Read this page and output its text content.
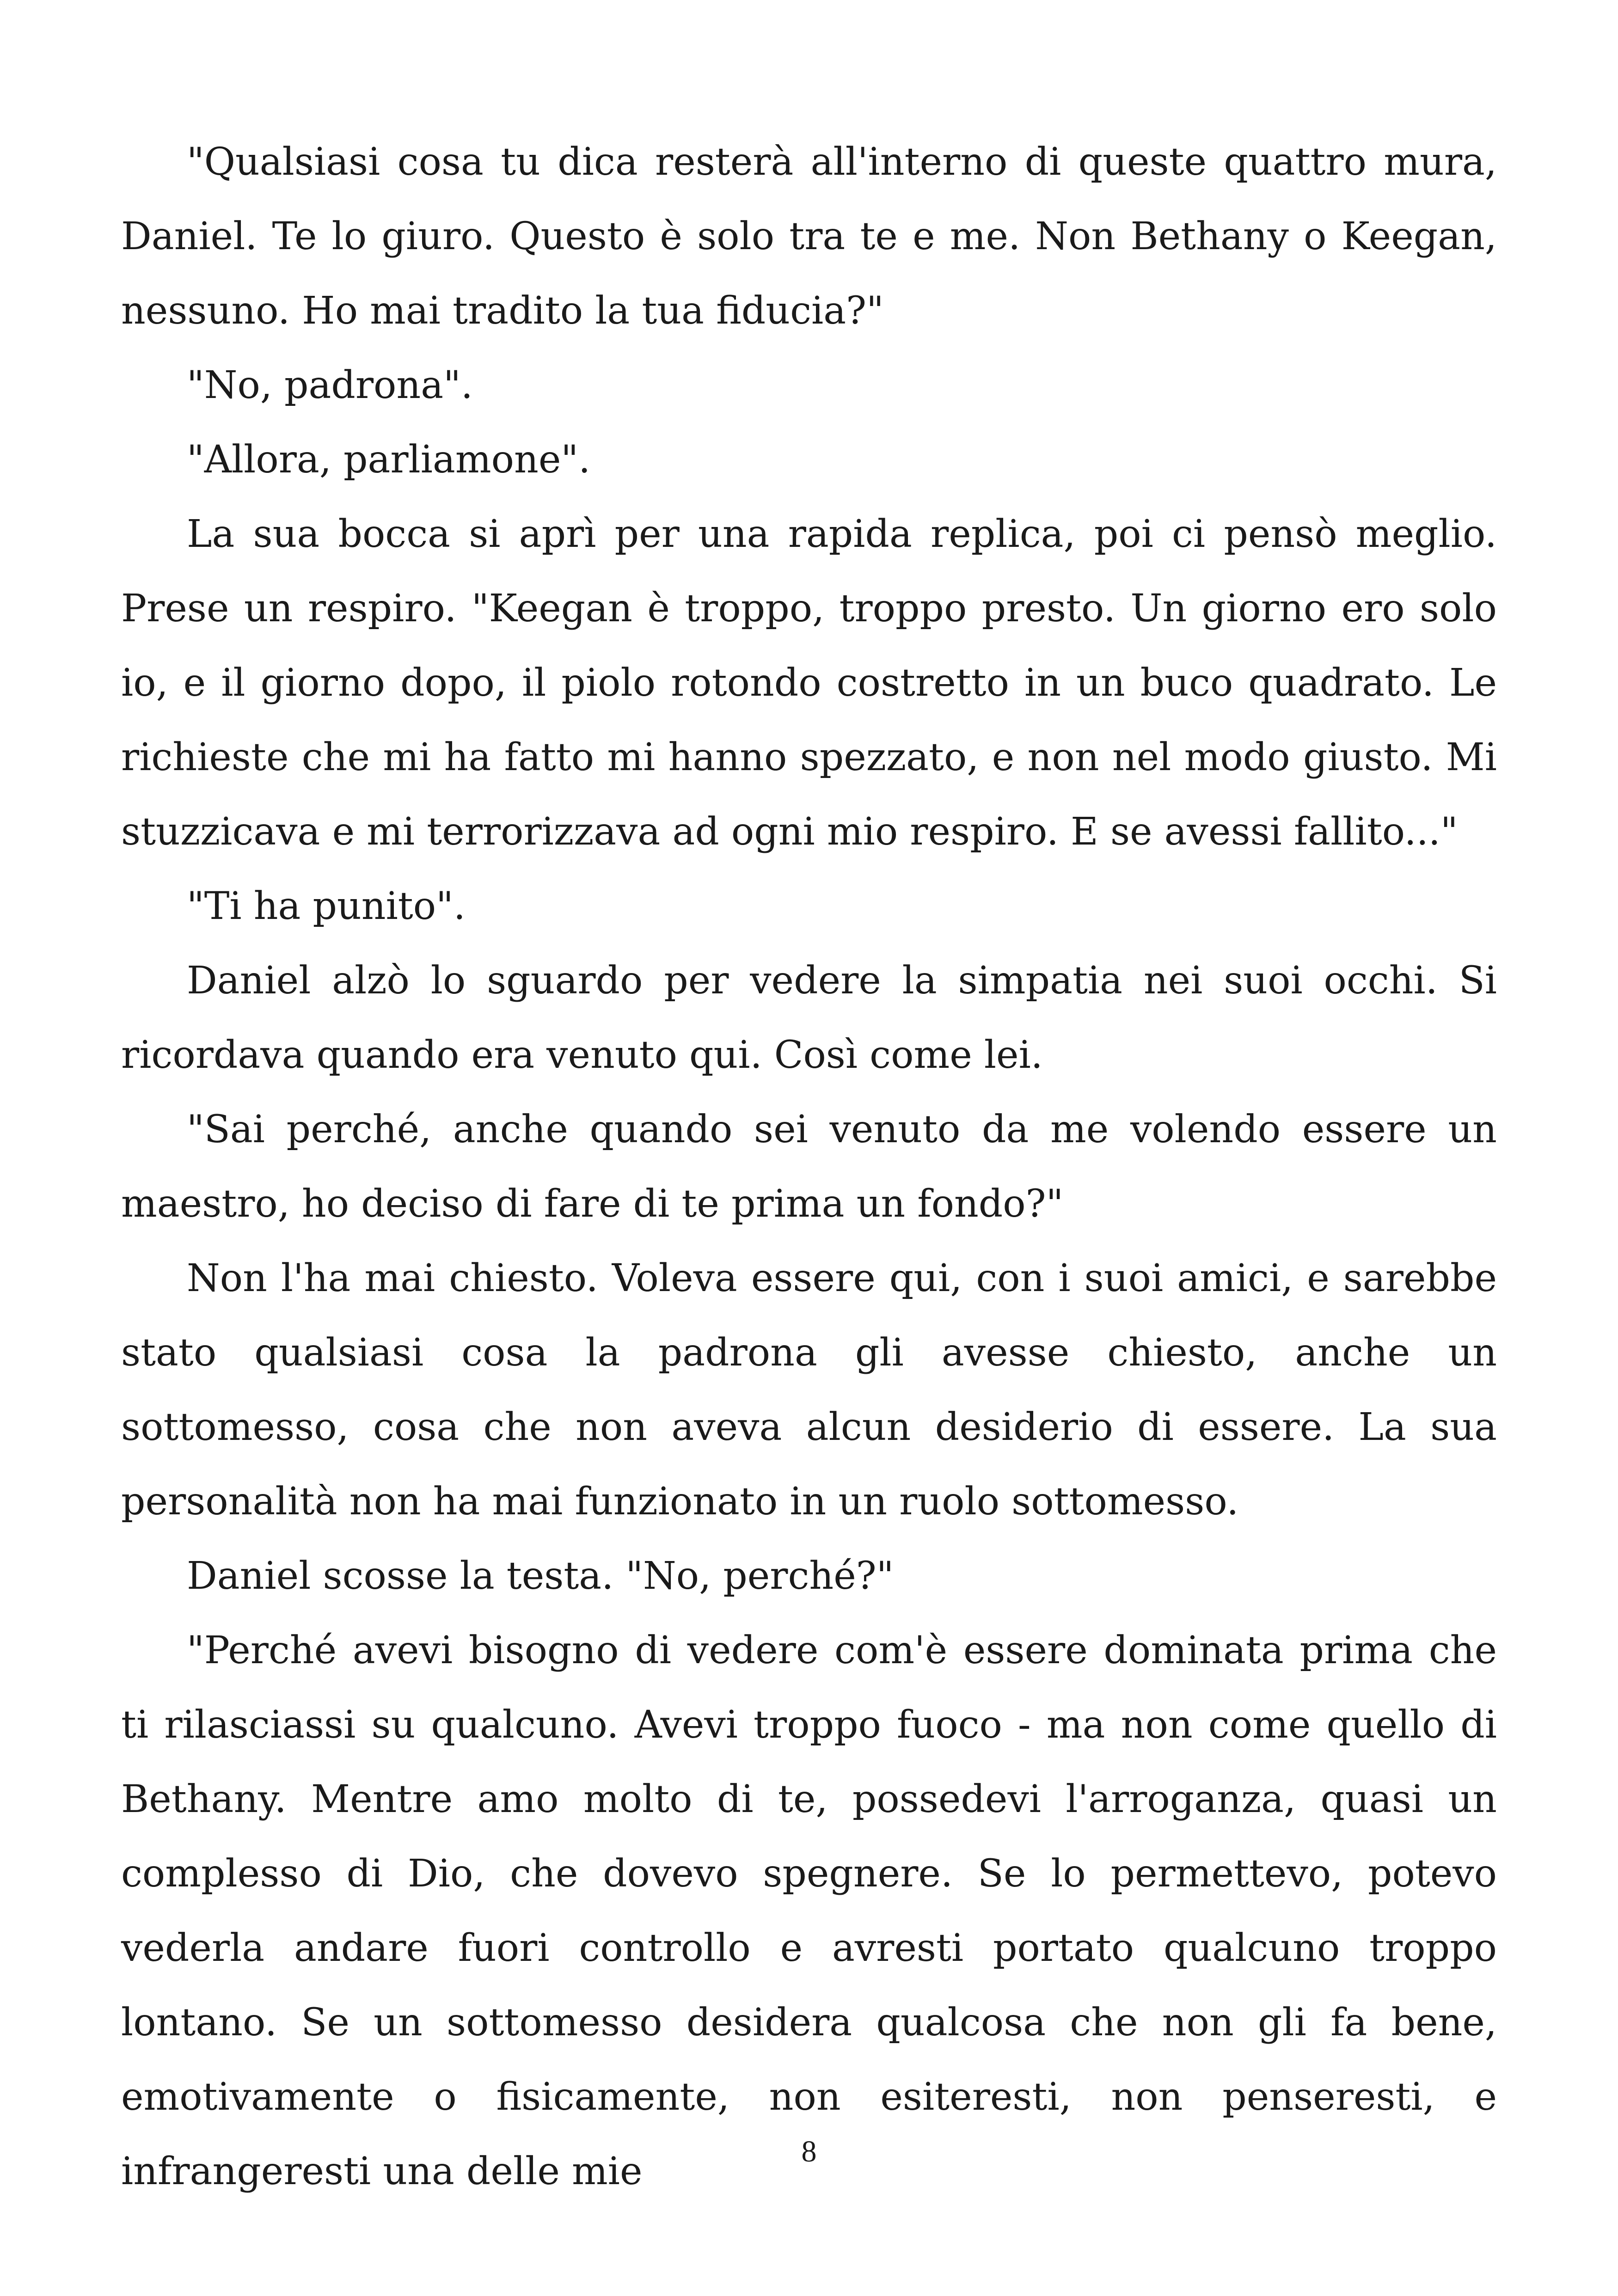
"Qualsiasi cosa tu dica resterà all'interno di queste quattro mura, Daniel. Te lo giuro. Questo è solo tra te e me. Non Bethany o Keegan, nessuno. Ho mai tradito la tua fiducia?"

"No, padrona".

"Allora, parliamone".

La sua bocca si aprì per una rapida replica, poi ci pensò meglio. Prese un respiro. "Keegan è troppo, troppo presto. Un giorno ero solo io, e il giorno dopo, il piolo rotondo costretto in un buco quadrato. Le richieste che mi ha fatto mi hanno spezzato, e non nel modo giusto. Mi stuzzicava e mi terrorizzava ad ogni mio respiro. E se avessi fallito..."

"Ti ha punito".

Daniel alzò lo sguardo per vedere la simpatia nei suoi occhi. Si ricordava quando era venuto qui. Così come lei.

"Sai perché, anche quando sei venuto da me volendo essere un maestro, ho deciso di fare di te prima un fondo?"

Non l'ha mai chiesto. Voleva essere qui, con i suoi amici, e sarebbe stato qualsiasi cosa la padrona gli avesse chiesto, anche un sottomesso, cosa che non aveva alcun desiderio di essere. La sua personalità non ha mai funzionato in un ruolo sottomesso.

Daniel scosse la testa. "No, perché?"

"Perché avevi bisogno di vedere com'è essere dominata prima che ti rilasciassi su qualcuno. Avevi troppo fuoco - ma non come quello di Bethany. Mentre amo molto di te, possedevi l'arroganza, quasi un complesso di Dio, che dovevo spegnere. Se lo permettevo, potevo vederla andare fuori controllo e avresti portato qualcuno troppo lontano. Se un sottomesso desidera qualcosa che non gli fa bene, emotivamente o fisicamente, non esiteresti, non penseresti, e infrangeresti una delle mie	8
